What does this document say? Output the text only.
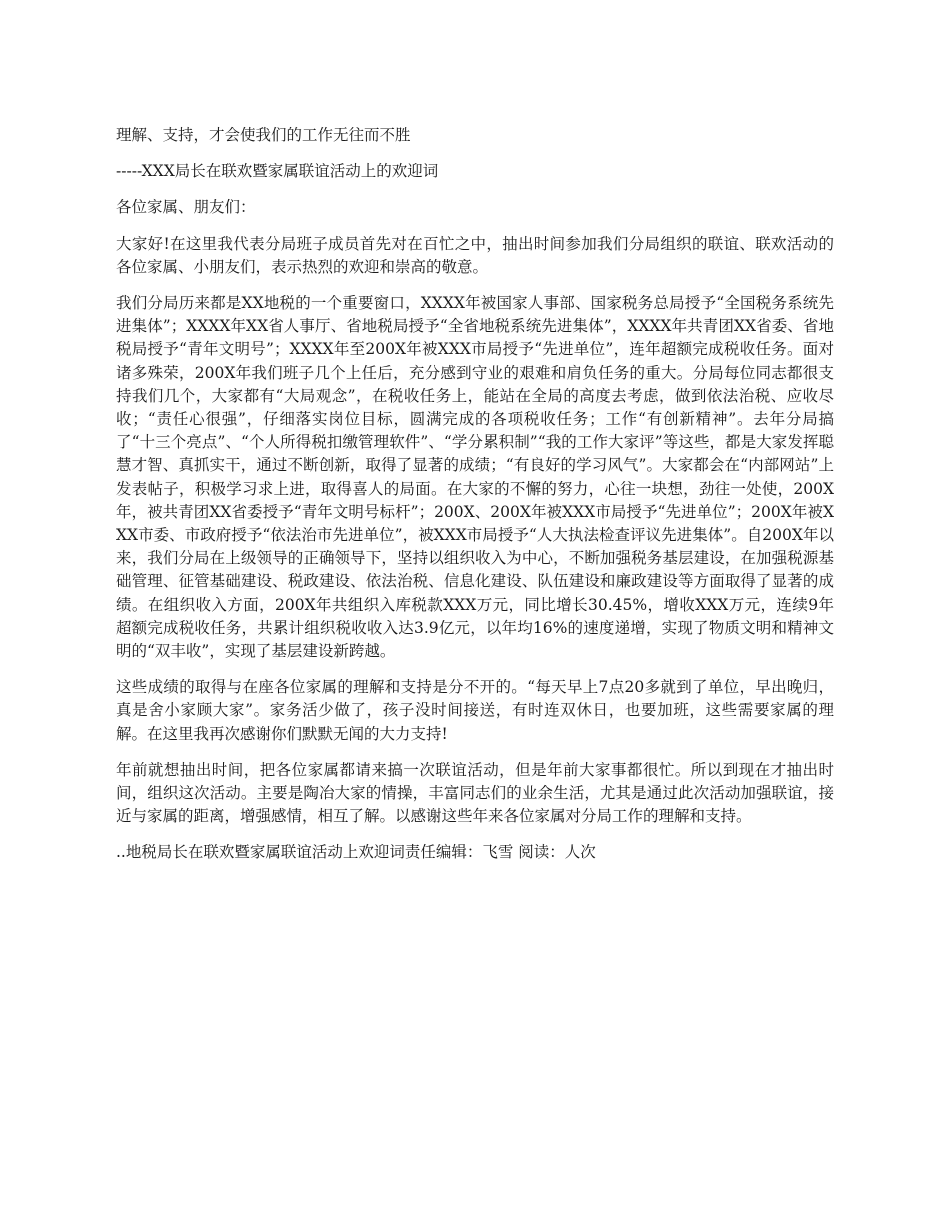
理解、支持，才会使我们的工作无往而不胜

-----XXX局长在联欢暨家属联谊活动上的欢迎词

各位家属、朋友们：

大家好!在这里我代表分局班子成员首先对在百忙之中，抽出时间参加我们分局组织的联谊、联欢活动的各位家属、小朋友们，表示热烈的欢迎和崇高的敬意。

我们分局历来都是XX地税的一个重要窗口，XXXX年被国家人事部、国家税务总局授予“全国税务系统先进集体”；XXXX年XX省人事厅、省地税局授予“全省地税系统先进集体”，XXXX年共青团XX省委、省地税局授予“青年文明号”；XXXX年至200X年被XXX市局授予“先进单位”，连年超额完成税收任务。面对诸多殊荣，200X年我们班子几个上任后，充分感到守业的艰难和肩负任务的重大。分局每位同志都很支持我们几个，大家都有“大局观念”，在税收任务上，能站在全局的高度去考虑，做到依法治税、应收尽收；“责任心很强”，仔细落实岗位目标，圆满完成的各项税收任务；工作“有创新精神”。去年分局搞了“十三个亮点”、“个人所得税扣缴管理软件”、“学分累积制”“我的工作大家评”等这些，都是大家发挥聪慧才智、真抓实干，通过不断创新，取得了显著的成绩；“有良好的学习风气”。大家都会在“内部网站”上发表帖子，积极学习求上进，取得喜人的局面。在大家的不懈的努力，心往一块想，劲往一处使，200X年，被共青团XX省委授予“青年文明号标杆”；200X、200X年被XXX市局授予“先进单位”；200X年被XXX市委、市政府授予“依法治市先进单位”，被XXX市局授予“人大执法检查评议先进集体”。自200X年以来，我们分局在上级领导的正确领导下，坚持以组织收入为中心，不断加强税务基层建设，在加强税源基础管理、征管基础建设、税政建设、依法治税、信息化建设、队伍建设和廉政建设等方面取得了显著的成绩。在组织收入方面，200X年共组织入库税款XXX万元，同比增长30.45%，增收XXX万元，连续9年超额完成税收任务，共累计组织税收收入达3.9亿元，以年均16%的速度递增，实现了物质文明和精神文明的“双丰收”，实现了基层建设新跨越。

这些成绩的取得与在座各位家属的理解和支持是分不开的。“每天早上7点20多就到了单位，早出晚归，真是舍小家顾大家”。家务活少做了，孩子没时间接送，有时连双休日，也要加班，这些需要家属的理解。在这里我再次感谢你们默默无闻的大力支持!

年前就想抽出时间，把各位家属都请来搞一次联谊活动，但是年前大家事都很忙。所以到现在才抽出时间，组织这次活动。主要是陶冶大家的情操，丰富同志们的业余生活，尤其是通过此次活动加强联谊，接近与家属的距离，增强感情，相互了解。以感谢这些年来各位家属对分局工作的理解和支持。

..地税局长在联欢暨家属联谊活动上欢迎词责任编辑：飞雪 阅读：人次
